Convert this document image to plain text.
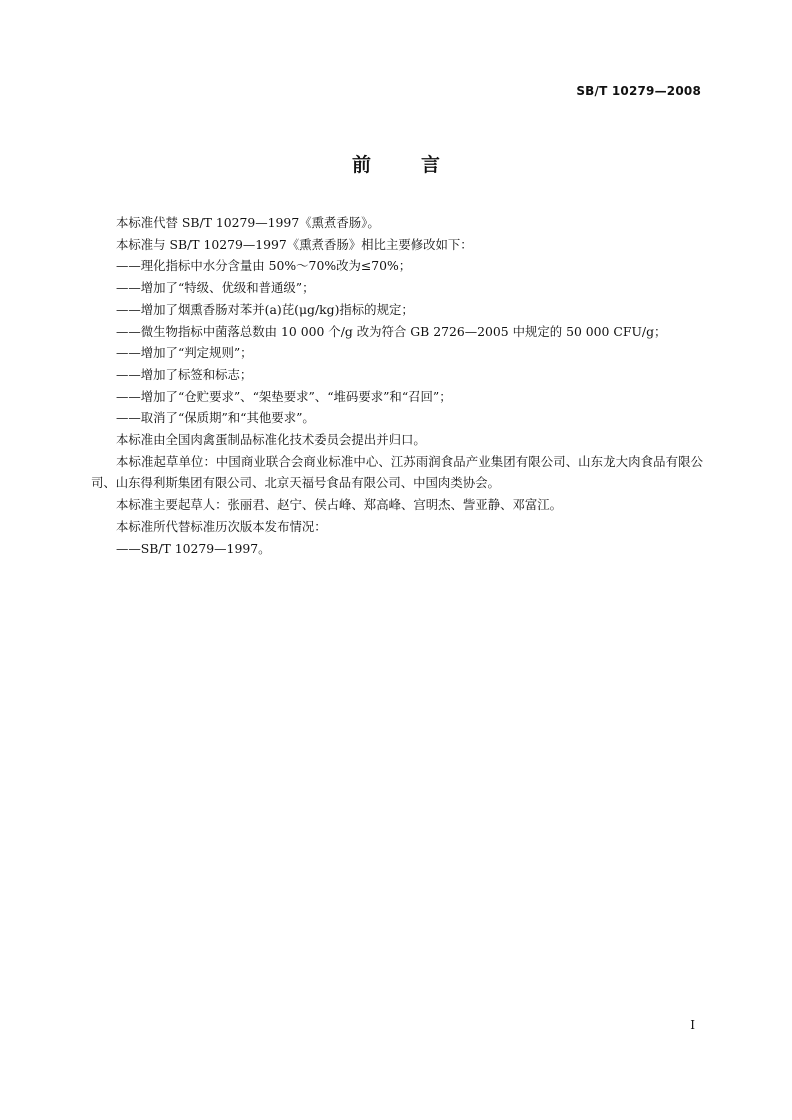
SB/T 10279—2008
前	言

本标准代替 SB/T 10279—1997《熏煮香肠》。

本标准与 SB/T 10279—1997《熏煮香肠》相比主要修改如下：

——理化指标中水分含量由 50%～70%改为≤70%；

——增加了“特级、优级和普通级”；

——增加了烟熏香肠对苯并(a)芘(μg/kg)指标的规定；

——微生物指标中菌落总数由 10 000 个/g 改为符合 GB 2726—2005 中规定的 50 000 CFU/g；

——增加了“判定规则”；

——增加了标签和标志；

——增加了“仓贮要求”、“架垫要求”、“堆码要求”和“召回”；

——取消了“保质期”和“其他要求”。

本标准由全国肉禽蛋制品标准化技术委员会提出并归口。

本标准起草单位：中国商业联合会商业标准中心、江苏雨润食品产业集团有限公司、山东龙大肉食品有限公司、山东得利斯集团有限公司、北京天福号食品有限公司、中国肉类协会。

本标准主要起草人：张丽君、赵宁、侯占峰、郑高峰、宫明杰、訾亚静、邓富江。

本标准所代替标准历次版本发布情况：

——SB/T 10279—1997。

I
